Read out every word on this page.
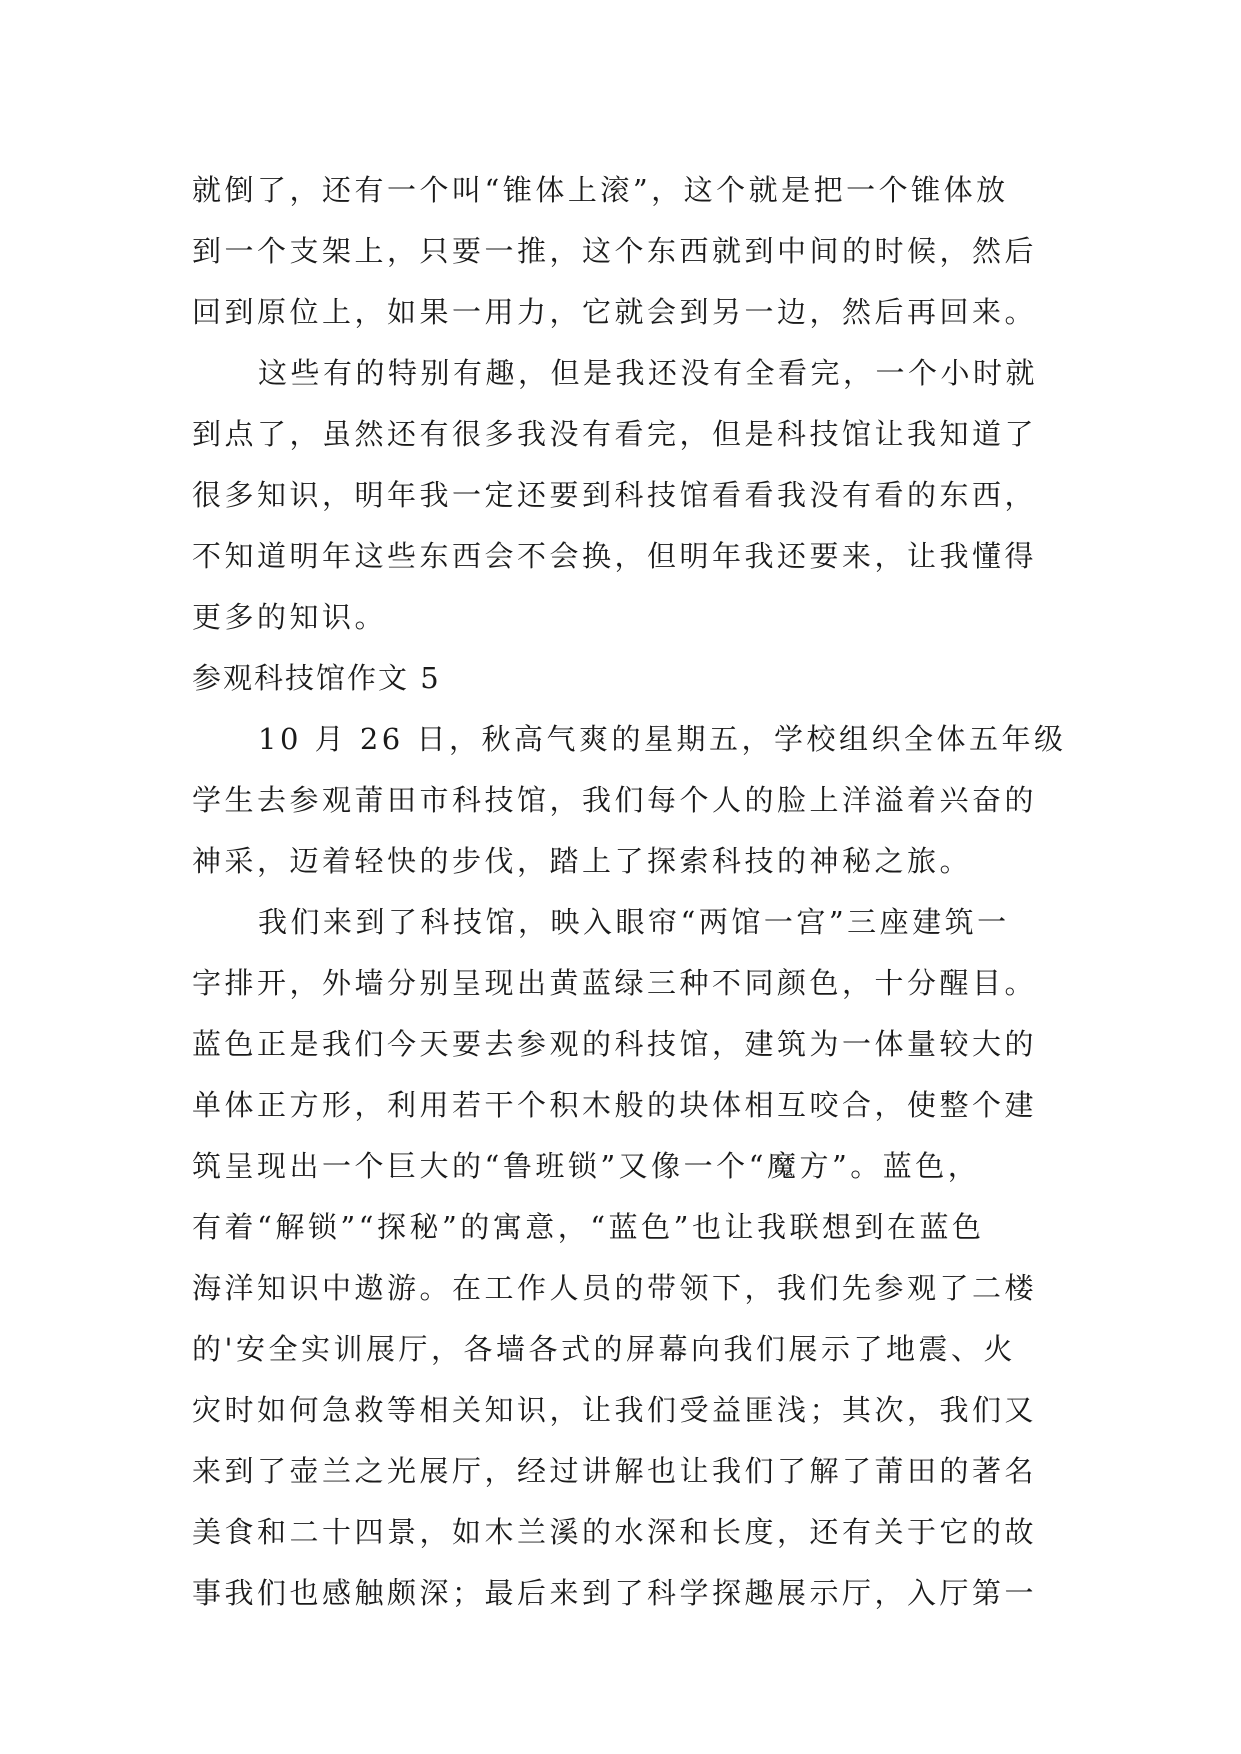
就倒了，还有一个叫“锥体上滚”，这个就是把一个锥体放
到一个支架上，只要一推，这个东西就到中间的时候，然后
回到原位上，如果一用力，它就会到另一边，然后再回来。
这些有的特别有趣，但是我还没有全看完，一个小时就
到点了，虽然还有很多我没有看完，但是科技馆让我知道了
很多知识，明年我一定还要到科技馆看看我没有看的东西，
不知道明年这些东西会不会换，但明年我还要来，让我懂得
更多的知识。
参观科技馆作文 5
10 月 26 日，秋高气爽的星期五，学校组织全体五年级
学生去参观莆田市科技馆，我们每个人的脸上洋溢着兴奋的
神采，迈着轻快的步伐，踏上了探索科技的神秘之旅。
我们来到了科技馆，映入眼帘“两馆一宫”三座建筑一
字排开，外墙分别呈现出黄蓝绿三种不同颜色，十分醒目。
蓝色正是我们今天要去参观的科技馆，建筑为一体量较大的
单体正方形，利用若干个积木般的块体相互咬合，使整个建
筑呈现出一个巨大的“鲁班锁”又像一个“魔方”。蓝色，
有着“解锁”“探秘”的寓意，“蓝色”也让我联想到在蓝色
海洋知识中遨游。在工作人员的带领下，我们先参观了二楼
的'安全实训展厅，各墙各式的屏幕向我们展示了地震、火
灾时如何急救等相关知识，让我们受益匪浅；其次，我们又
来到了壶兰之光展厅，经过讲解也让我们了解了莆田的著名
美食和二十四景，如木兰溪的水深和长度，还有关于它的故
事我们也感触颇深；最后来到了科学探趣展示厅，入厅第一
